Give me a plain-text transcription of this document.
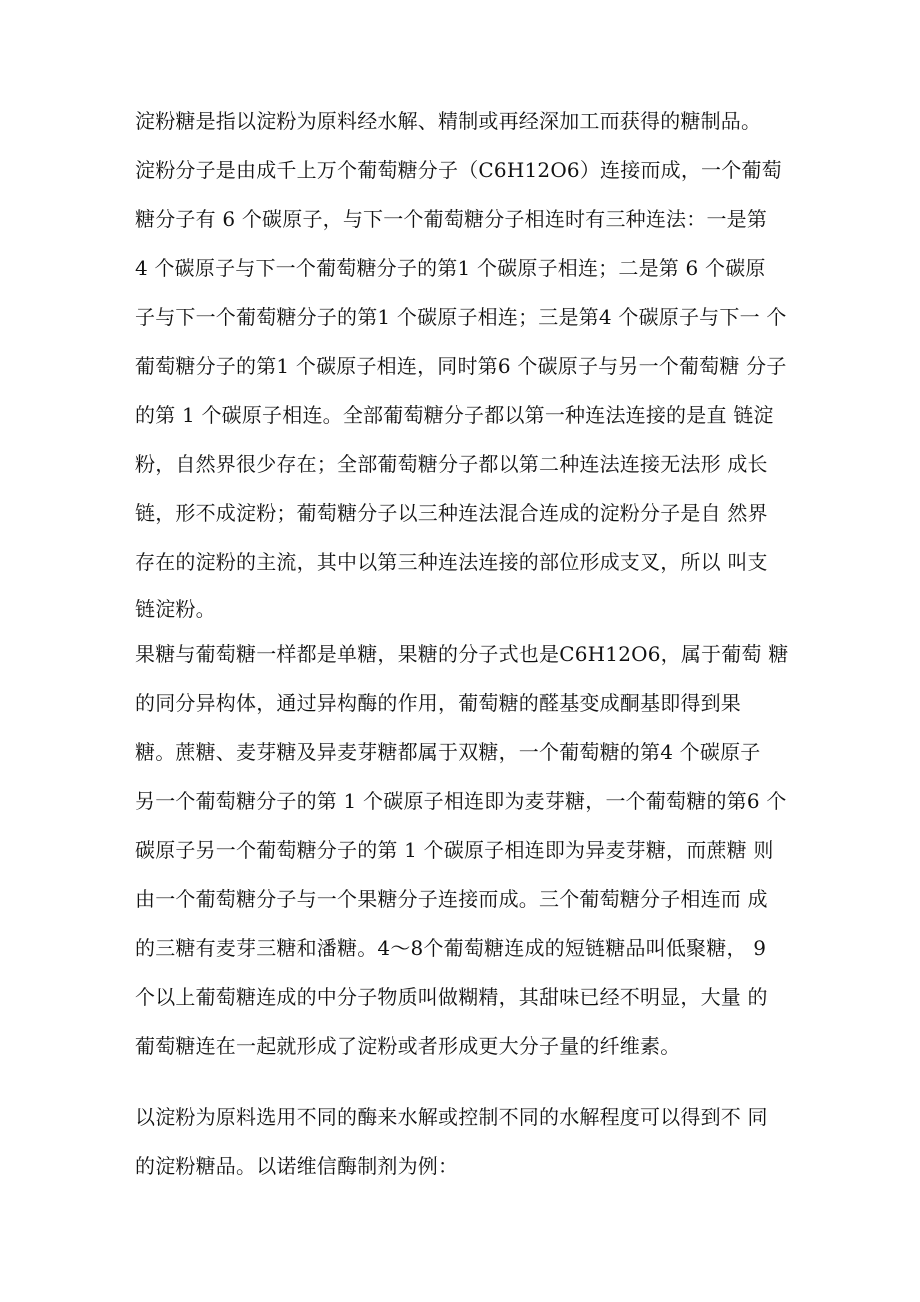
淀粉糖是指以淀粉为原料经水解、精制或再经深加工而获得的糖制品。
淀粉分子是由成千上万个葡萄糖分子（C6H12O6）连接而成，一个葡萄
糖分子有 6 个碳原子，与下一个葡萄糖分子相连时有三种连法：一是第
4 个碳原子与下一个葡萄糖分子的第1 个碳原子相连；二是第 6 个碳原
子与下一个葡萄糖分子的第1 个碳原子相连；三是第4 个碳原子与下一 个
葡萄糖分子的第1 个碳原子相连，同时第6 个碳原子与另一个葡萄糖 分子
的第 1 个碳原子相连。全部葡萄糖分子都以第一种连法连接的是直 链淀
粉，自然界很少存在；全部葡萄糖分子都以第二种连法连接无法形 成长
链，形不成淀粉；葡萄糖分子以三种连法混合连成的淀粉分子是自 然界
存在的淀粉的主流，其中以第三种连法连接的部位形成支叉，所以 叫支
链淀粉。
果糖与葡萄糖一样都是单糖，果糖的分子式也是C6H12O6，属于葡萄 糖
的同分异构体，通过异构酶的作用，葡萄糖的醛基变成酮基即得到果
糖。蔗糖、麦芽糖及异麦芽糖都属于双糖，一个葡萄糖的第4 个碳原子
另一个葡萄糖分子的第 1 个碳原子相连即为麦芽糖，一个葡萄糖的第6 个
碳原子另一个葡萄糖分子的第 1 个碳原子相连即为异麦芽糖，而蔗糖 则
由一个葡萄糖分子与一个果糖分子连接而成。三个葡萄糖分子相连而 成
的三糖有麦芽三糖和潘糖。4～8个葡萄糖连成的短链糖品叫低聚糖， 9
个以上葡萄糖连成的中分子物质叫做糊精，其甜味已经不明显，大量 的
葡萄糖连在一起就形成了淀粉或者形成更大分子量的纤维素。
以淀粉为原料选用不同的酶来水解或控制不同的水解程度可以得到不 同
的淀粉糖品。以诺维信酶制剂为例：
